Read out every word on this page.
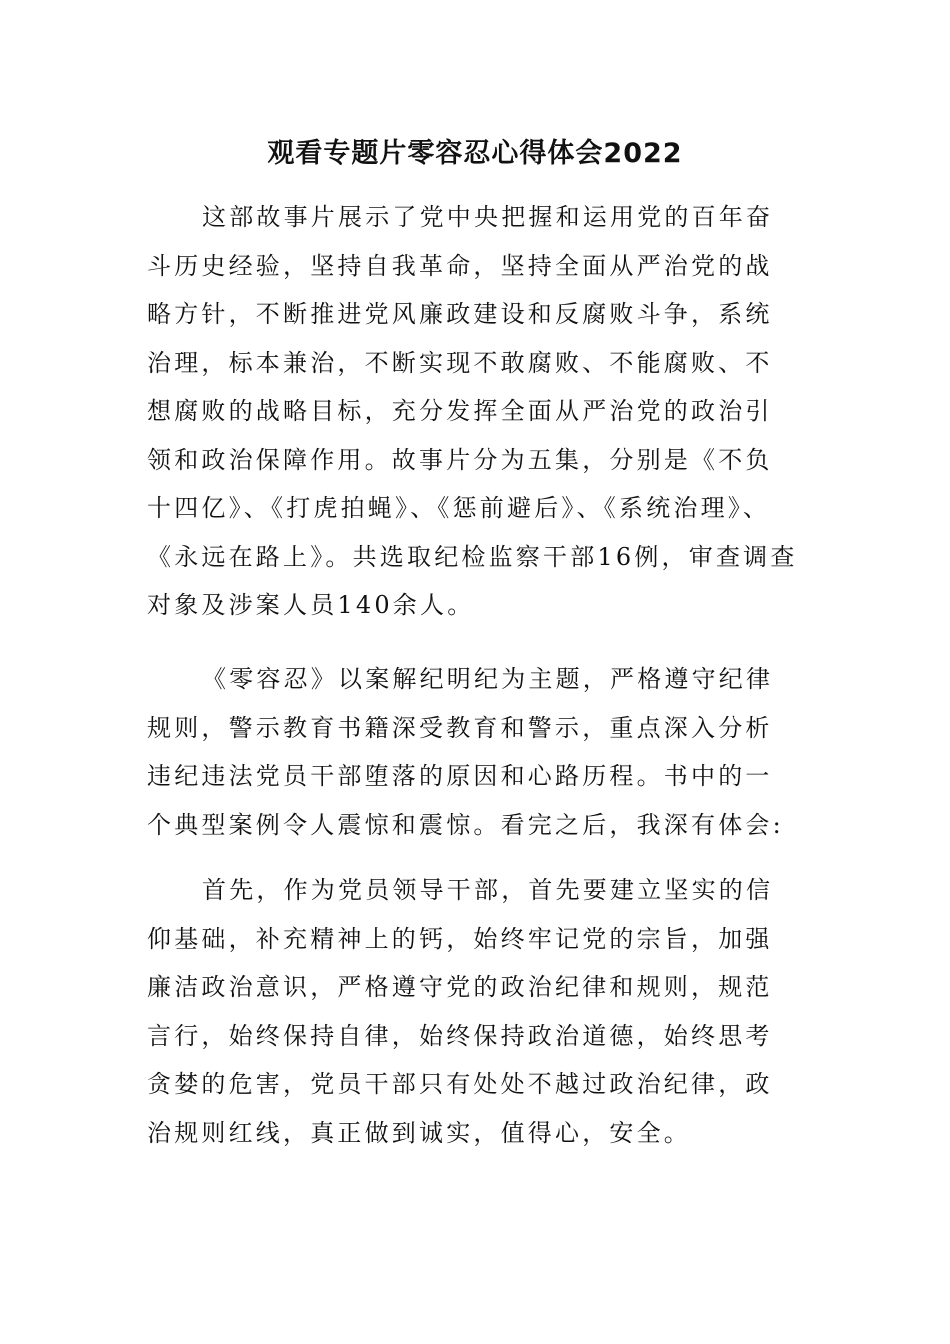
观看专题片零容忍心得体会2022

这部故事片展示了党中央把握和运用党的百年奋斗历史经验，坚持自我革命，坚持全面从严治党的战略方针，不断推进党风廉政建设和反腐败斗争，系统治理，标本兼治，不断实现不敢腐败、不能腐败、不想腐败的战略目标，充分发挥全面从严治党的政治引领和政治保障作用。故事片分为五集，分别是《不负十四亿》、《打虎拍蝇》、《惩前避后》、《系统治理》、《永远在路上》。共选取纪检监察干部16例，审查调查对象及涉案人员140余人。

《零容忍》以案解纪明纪为主题，严格遵守纪律规则，警示教育书籍深受教育和警示，重点深入分析违纪违法党员干部堕落的原因和心路历程。书中的一个典型案例令人震惊和震惊。看完之后，我深有体会:

首先，作为党员领导干部，首先要建立坚实的信仰基础，补充精神上的钙，始终牢记党的宗旨，加强廉洁政治意识，严格遵守党的政治纪律和规则，规范言行，始终保持自律，始终保持政治道德，始终思考贪婪的危害，党员干部只有处处不越过政治纪律，政治规则红线，真正做到诚实，值得心，安全。
